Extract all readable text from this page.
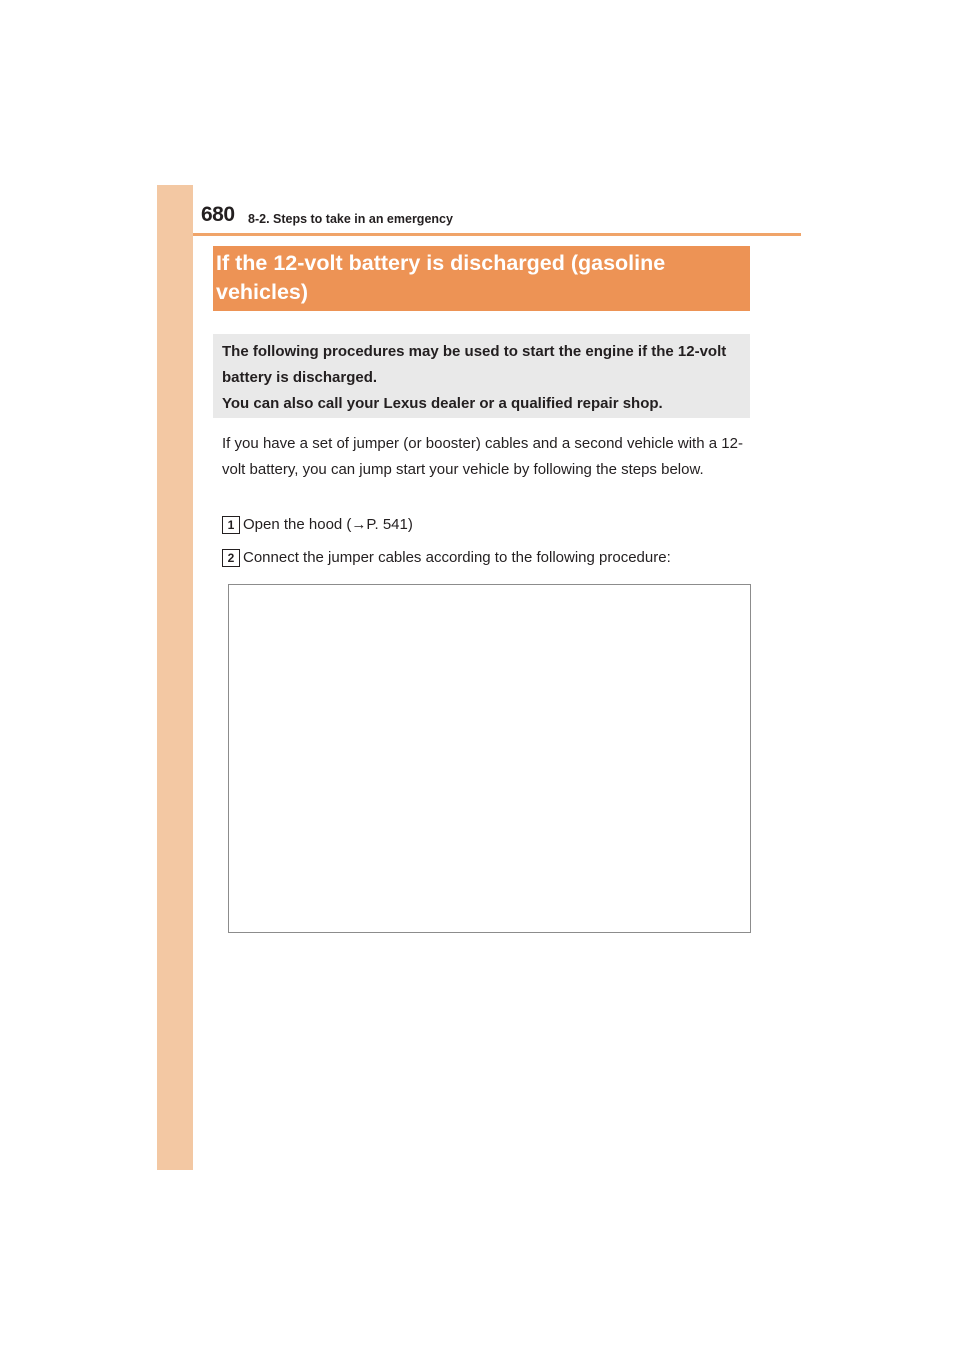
680 8-2. Steps to take in an emergency
If the 12-volt battery is discharged (gasoline
vehicles)
The following procedures may be used to start the engine if the 12-volt
battery is discharged.
You can also call your Lexus dealer or a qualified repair shop.
If you have a set of jumper (or booster) cables and a second vehicle with a 12-volt battery, you can jump start your vehicle by following the steps below.
1 Open the hood (→P. 541)
2 Connect the jumper cables according to the following procedure:
